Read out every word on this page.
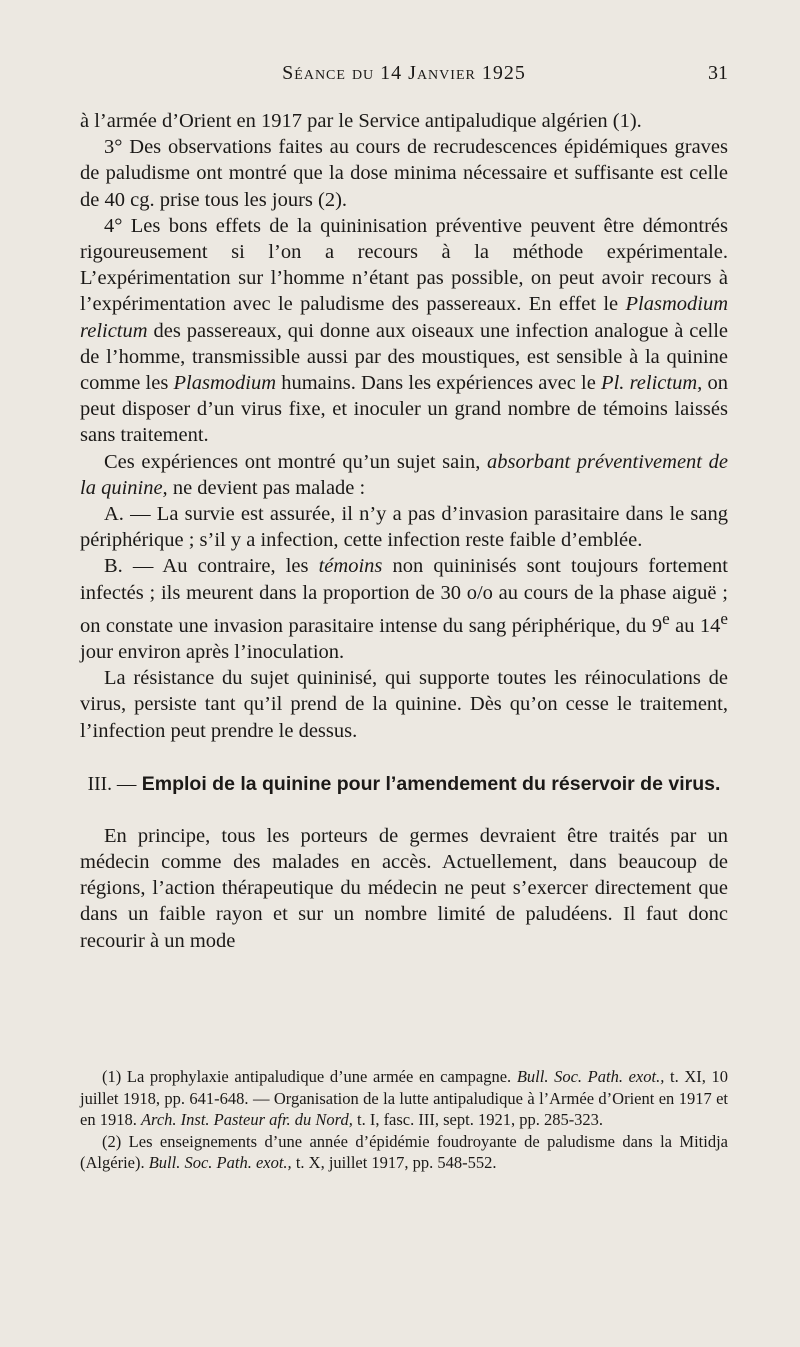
Séance du 14 Janvier 1925	31

à l’armée d’Orient en 1917 par le Service antipaludique algérien (1).

3° Des observations faites au cours de recrudescences épidémiques graves de paludisme ont montré que la dose minima nécessaire et suffisante est celle de 40 cg. prise tous les jours (2).

4° Les bons effets de la quininisation préventive peuvent être démontrés rigoureusement si l’on a recours à la méthode expérimentale. L’expérimentation sur l’homme n’étant pas possible, on peut avoir recours à l’expérimentation avec le paludisme des passereaux. En effet le Plasmodium relictum des passereaux, qui donne aux oiseaux une infection analogue à celle de l’homme, transmissible aussi par des moustiques, est sensible à la quinine comme les Plasmodium humains. Dans les expériences avec le Pl. relictum, on peut disposer d’un virus fixe, et inoculer un grand nombre de témoins laissés sans traitement.

Ces expériences ont montré qu’un sujet sain, absorbant préventivement de la quinine, ne devient pas malade :

A. — La survie est assurée, il n’y a pas d’invasion parasitaire dans le sang périphérique ; s’il y a infection, cette infection reste faible d’emblée.

B. — Au contraire, les témoins non quininisés sont toujours fortement infectés ; ils meurent dans la proportion de 30 o/o au cours de la phase aiguë ; on constate une invasion parasitaire intense du sang périphérique, du 9e au 14e jour environ après l’inoculation.

La résistance du sujet quininisé, qui supporte toutes les réinoculations de virus, persiste tant qu’il prend de la quinine. Dès qu’on cesse le traitement, l’infection peut prendre le dessus.

III. — Emploi de la quinine pour l’amendement du réservoir de virus.

En principe, tous les porteurs de germes devraient être traités par un médecin comme des malades en accès. Actuellement, dans beaucoup de régions, l’action thérapeutique du médecin ne peut s’exercer directement que dans un faible rayon et sur un nombre limité de paludéens. Il faut donc recourir à un mode

(1) La prophylaxie antipaludique d’une armée en campagne. Bull. Soc. Path. exot., t. XI, 10 juillet 1918, pp. 641-648. — Organisation de la lutte antipaludique à l’Armée d’Orient en 1917 et en 1918. Arch. Inst. Pasteur afr. du Nord, t. I, fasc. III, sept. 1921, pp. 285-323.

(2) Les enseignements d’une année d’épidémie foudroyante de paludisme dans la Mitidja (Algérie). Bull. Soc. Path. exot., t. X, juillet 1917, pp. 548-552.
